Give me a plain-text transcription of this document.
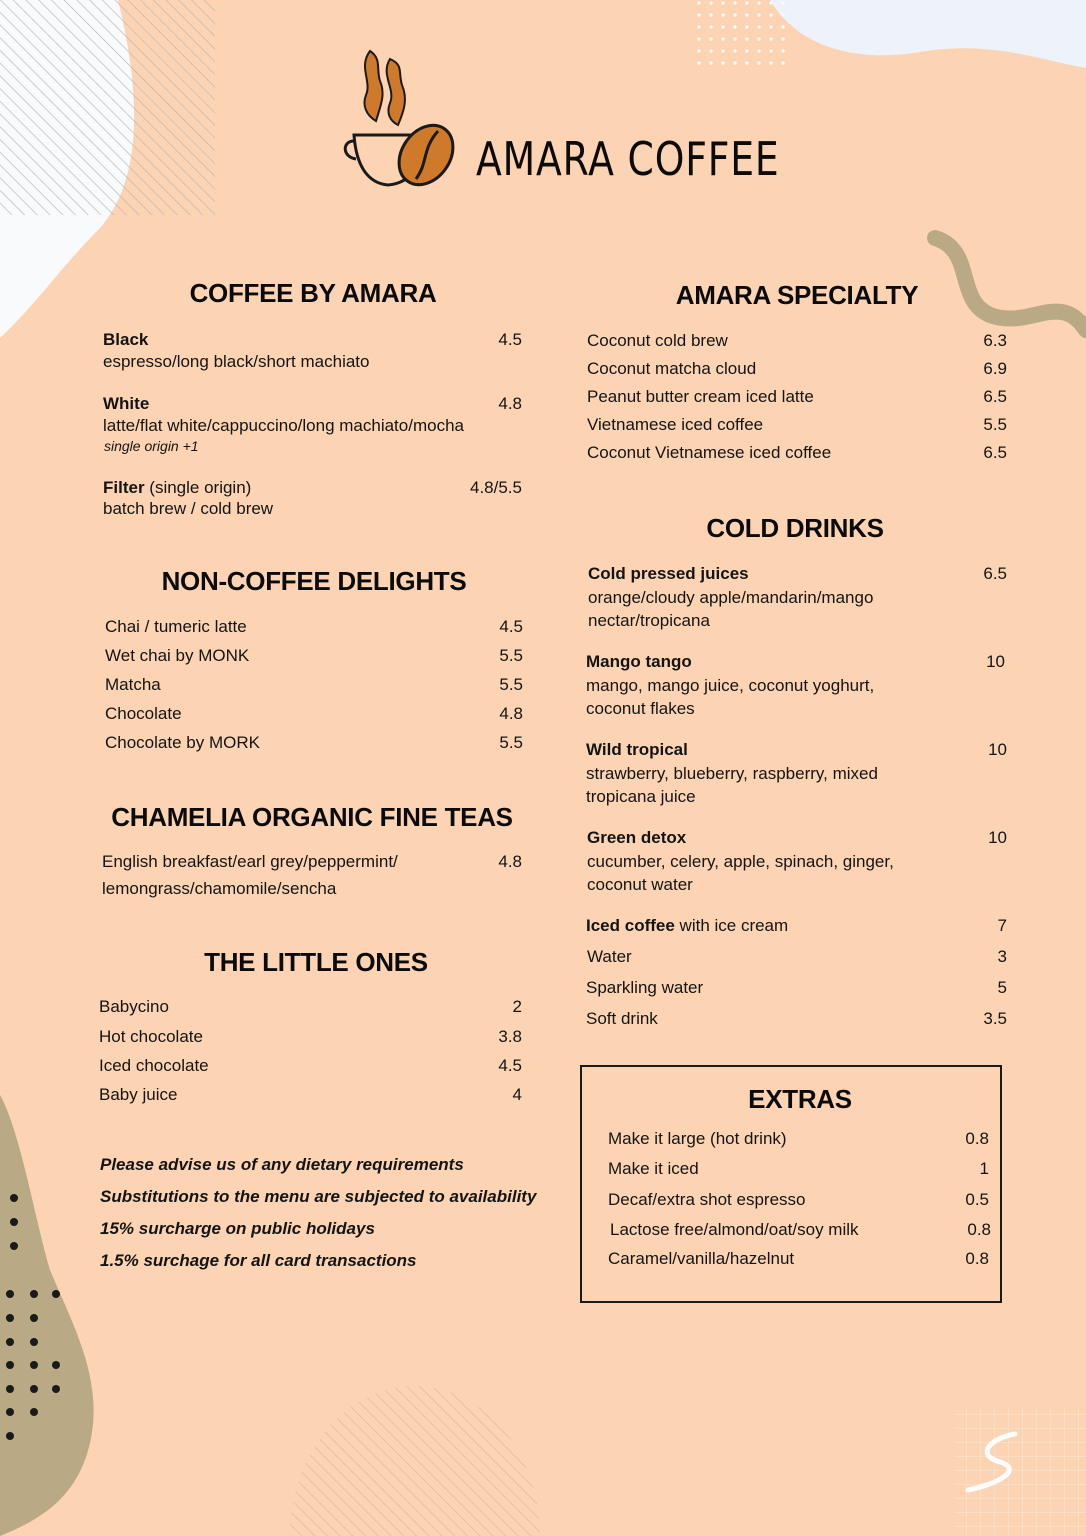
AMARA COFFEE
COFFEE BY AMARA
Black	4.5
espresso/long black/short machiato
White	4.8
latte/flat white/cappuccino/long machiato/mocha
single origin +1
Filter (single origin)	4.8/5.5
batch brew / cold brew
NON-COFFEE DELIGHTS
Chai / tumeric latte	4.5
Wet chai by MONK	5.5
Matcha	5.5
Chocolate	4.8
Chocolate by MORK	5.5
CHAMELIA ORGANIC FINE TEAS
English breakfast/earl grey/peppermint/	4.8
lemongrass/chamomile/sencha
THE LITTLE ONES
Babycino	2
Hot chocolate	3.8
Iced chocolate	4.5
Baby juice	4
Please advise us of any dietary requirements
Substitutions to the menu are subjected to availability
15% surcharge on public holidays
1.5% surchage for all card transactions
AMARA SPECIALTY
Coconut cold brew	6.3
Coconut matcha cloud	6.9
Peanut butter cream iced latte	6.5
Vietnamese iced coffee	5.5
Coconut Vietnamese iced coffee	6.5
COLD DRINKS
Cold pressed juices	6.5
orange/cloudy apple/mandarin/mango
nectar/tropicana
Mango tango	10
mango, mango juice, coconut yoghurt,
coconut flakes
Wild tropical	10
strawberry, blueberry, raspberry, mixed
tropicana juice
Green detox	10
cucumber, celery, apple, spinach, ginger,
coconut water
Iced coffee with ice cream	7
Water	3
Sparkling water	5
Soft drink	3.5
EXTRAS
Make it large (hot drink)	0.8
Make it iced	1
Decaf/extra shot espresso	0.5
Lactose free/almond/oat/soy milk	0.8
Caramel/vanilla/hazelnut	0.8
